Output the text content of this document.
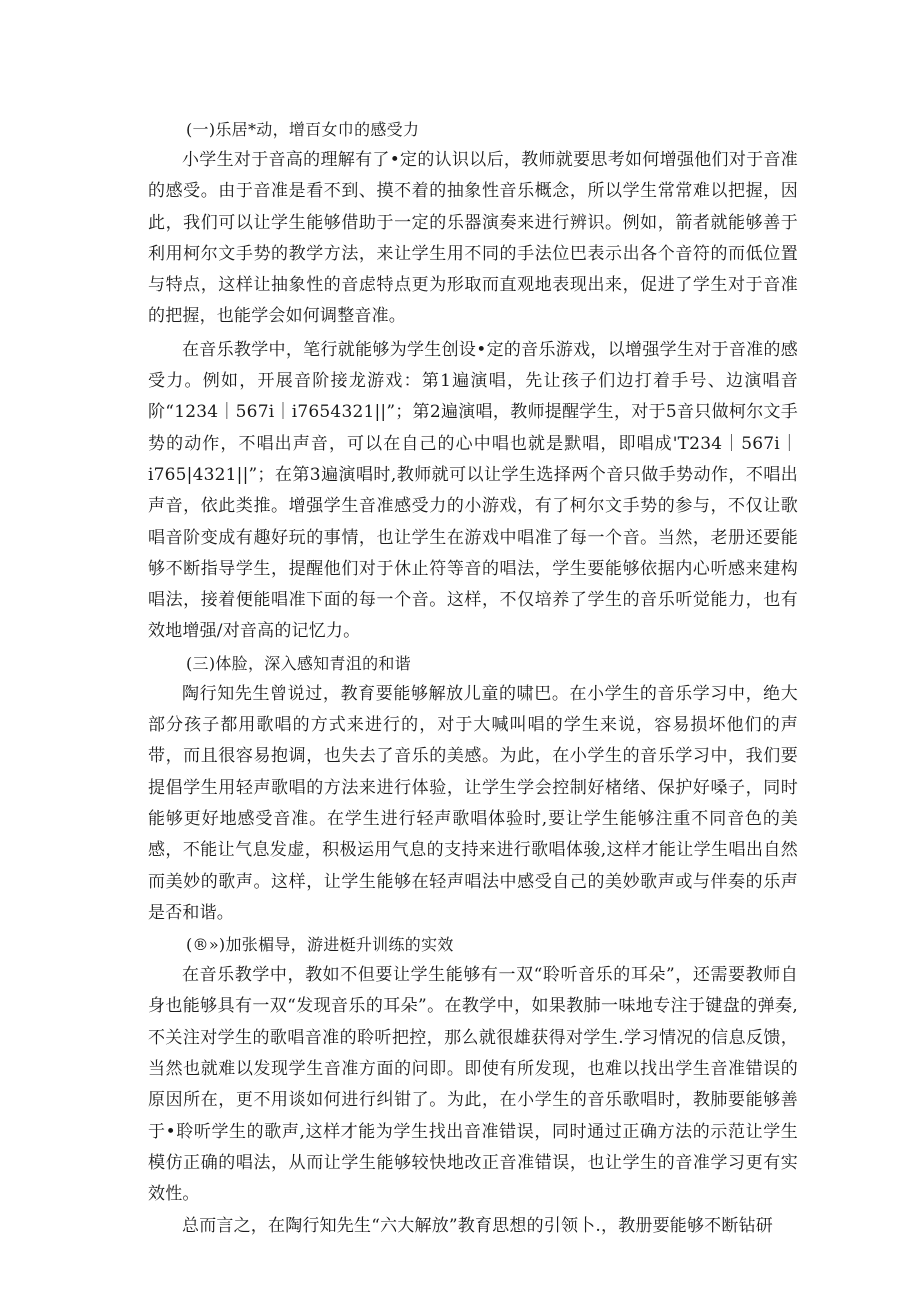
(一)乐居*动，增百女巾的感受力

小学生对于音高的理解有了•定的认识以后，教师就要思考如何增强他们对于音准的感受。由于音准是看不到、摸不着的抽象性音乐概念，所以学生常常难以把握，因此，我们可以让学生能够借助于一定的乐器演奏来进行辨识。例如，箭者就能够善于利用柯尔文手势的教学方法，来让学生用不同的手法位巴表示出各个音符的而低位置与特点，这样让抽象性的音虑特点更为形取而直观地表现出来，促进了学生对于音准的把握，也能学会如何调整音准。

在音乐教学中，笔行就能够为学生创设•定的音乐游戏，以增强学生对于音准的感受力。例如，开展音阶接龙游戏：第1遍演唱，先让孩子们边打着手号、边演唱音阶“1234｜567i｜i7654321||”；第2遍演唱，教师提醒学生，对于5音只做柯尔文手势的动作，不唱出声音，可以在自己的心中唱也就是默唱，即唱成'T234｜567i｜i765|4321||”；在第3遍演唱时,教师就可以让学生选择两个音只做手势动作，不唱出声音，依此类推。增强学生音准感受力的小游戏，有了柯尔文手势的参与，不仅让歌唱音阶变成有趣好玩的事情，也让学生在游戏中唱准了每一个音。当然，老册还要能够不断指导学生，提醒他们对于休止符等音的唱法，学生要能够依据内心听感来建构唱法，接着便能唱准下面的每一个音。这样，不仅培养了学生的音乐听觉能力，也有效地增强/对音高的记忆力。

(三)体脸，深入感知青沮的和谐

陶行知先生曾说过，教育要能够解放儿童的啸巴。在小学生的音乐学习中，绝大部分孩子都用歌唱的方式来进行的，对于大喊叫唱的学生来说，容易损坏他们的声带，而且很容易抱调，也失去了音乐的美感。为此，在小学生的音乐学习中，我们要提倡学生用轻声歌唱的方法来进行体验，让学生学会控制好楮绪、保护好嗓子，同时能够更好地感受音准。在学生进行轻声歌唱体验时,要让学生能够注重不同音色的美感，不能让气息发虚，积极运用气息的支持来进行歌唱体骏,这样才能让学生唱出自然而美妙的歌声。这样，让学生能够在轻声唱法中感受自己的美妙歌声或与伴奏的乐声是否和谐。

(®»)加张楣导，游进梃升训练的实效

在音乐教学中，教如不但要让学生能够有一双“聆听音乐的耳朵”，还需要教师自身也能够具有一双“发现音乐的耳朵”。在教学中，如果教肺一味地专注于键盘的弹奏,不关注对学生的歌唱音准的聆听把控，那么就很雄获得对学生.学习情况的信息反馈，当然也就难以发现学生音准方面的问即。即使有所发现，也难以找出学生音准错误的原因所在，更不用谈如何进行纠钳了。为此，在小学生的音乐歌唱时，教肺要能够善于•聆听学生的歌声,这样才能为学生找出音准错误，同时通过正确方法的示范让学生模仿正确的唱法，从而让学生能够较快地改正音准错误，也让学生的音准学习更有实效性。

总而言之，在陶行知先生“六大解放”教育思想的引领卜.，教册要能够不断钻研
